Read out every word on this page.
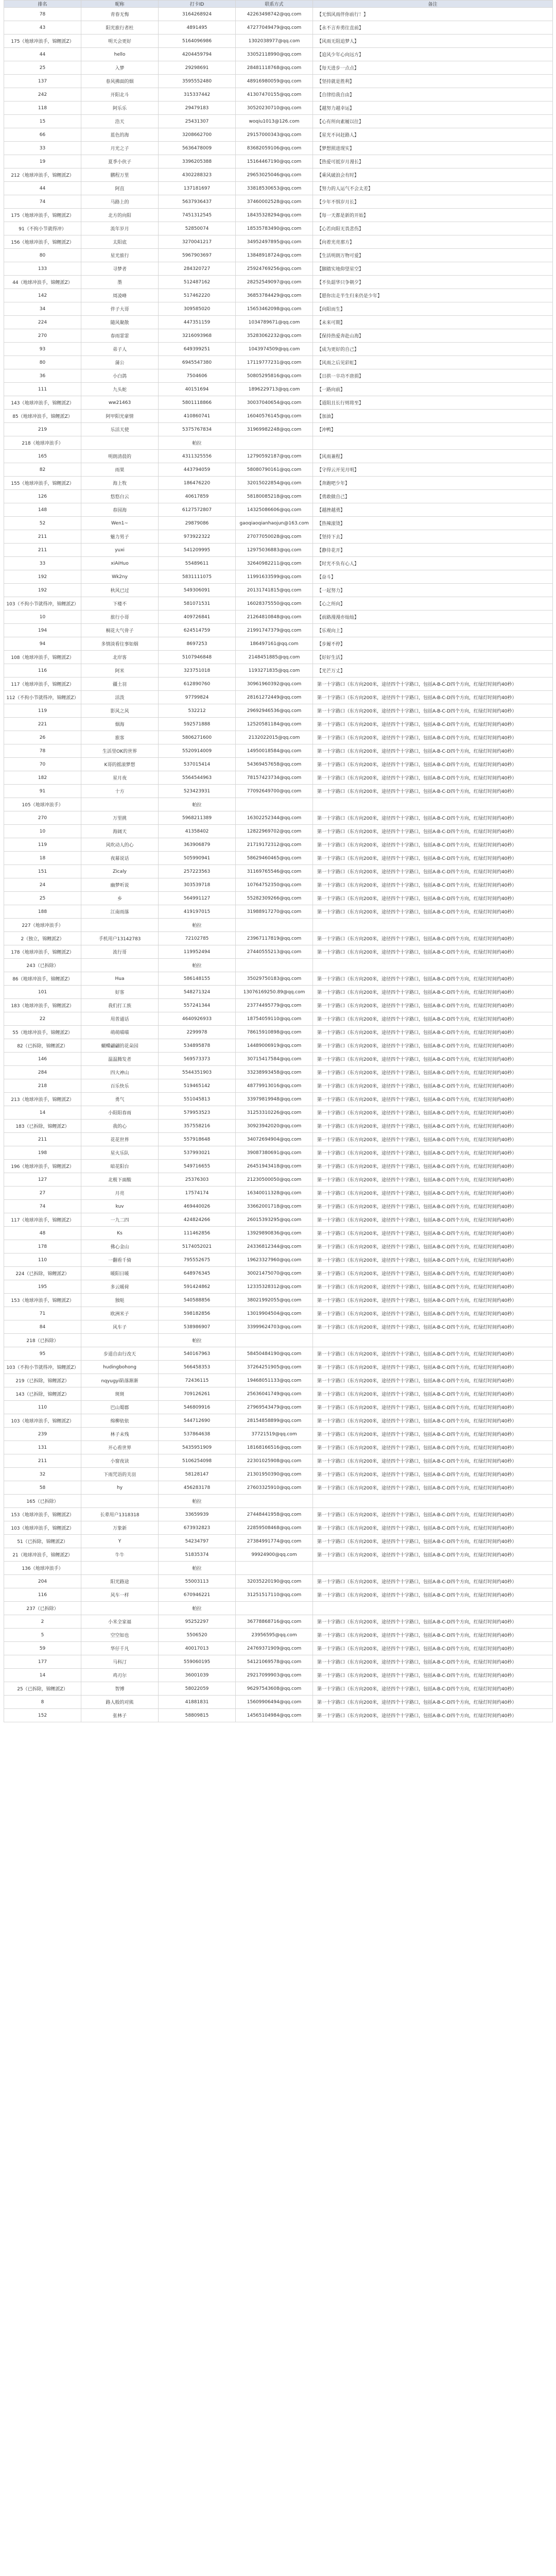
排名	昵称	打卡ID	联系方式	备注
78	青春无悔	3164268924	42263498742@qq.com	【无惧风雨伴你前行！】
43	阳光旅行者杜	4891495	47277049479@qq.com	【永不言弃勇往直前】
175（地球冲浪手，锦鲤派Z）	明天会更好	5164096986	1302038977@qq.com	【风雨无阻追梦人】
44	hello	4204459794	33052118990@qq.com	【追风少年心向远方】
25	入梦	29298691	28481118768@qq.com	【每天进步一点点】
137	春风拂面的烟	3595552480	48916980059@qq.com	【坚持就是胜利】
242	开阳北斗	315337442	41307470155@qq.com	【自律给我自由】
118	阿乐乐	29479183	30520230710@qq.com	【越努力越幸运】
15	浩天	25431307	woqiu1013@126.com	【心有所向素履以往】
66	蓝色的海	3208662700	29157000343@qq.com	【星光不问赶路人】
33	月光之子	5636478009	83682059106@qq.com	【梦想照进现实】
19	夏季小伙子	3396205388	15164467190@qq.com	【热爱可抵岁月漫长】
212（地球冲浪手，锦鲤派Z）	鹏程万里	4302288323	29653025046@qq.com	【乘风破浪会有时】
44	阿直	137181697	33818530653@qq.com	【努力的人运气不会太差】
74	马路上的	5637936437	37460002528@qq.com	【少年不惧岁月长】
175（地球冲浪手，锦鲤派Z）	北方的向阳	7451312545	18435328294@qq.com	【每一天都是新的开始】
91（不拘小节就得冲）	流年岁月	52850074	18535783490@qq.com	【心若向阳无畏悲伤】
156（地球冲浪手，锦鲤派Z）	太阳底	3270041217	34952497895@qq.com	【向着光亮那方】
80	星光旅行	5967903697	13848918724@qq.com	【生活明朗万物可爱】
133	寻梦者	284320727	25924769256@qq.com	【脚踏实地仰望星空】
44（地球冲浪手，锦鲤派Z）	墨	512487162	28252549097@qq.com	【不负韶华只争朝夕】
142	周凌峰	517462220	36853784429@qq.com	【愿你出走半生归来仍是少年】
34	伴子大哥	309585020	15653462098@qq.com	【向阳而生】
224	随风聚散	447351159	1034789671@qq.com	【未来可期】
270	春雨霏霏	3216093968	35283062232@qq.com	【保持热爱奔赴山海】
93	弟子人	649399251	1043974509@qq.com	【成为更好的自己】
80	蒲公	6945547380	17119777231@qq.com	【风雨之后见彩虹】
36	小白鸽	7504606	50805295816@qq.com	【日拱一卒功不唐捐】
111	九头蛇	40151694	1896229713@qq.com	【一路向前】
143（地球冲浪手，锦鲤派Z）	ww21463	5801118866	30037040654@qq.com	【道阻且长行则将至】
85（地球冲浪手，锦鲤派Z）	阿甲阳光豪情	410860741	16040576145@qq.com	【加油】
219	乐活天使	5375767834	31969982248@qq.com	【冲鸭】
218（地球冲浪手）		帕拉		
165	明朗清晨的	4311325556	12790592187@qq.com	【风雨兼程】
82	雨果	443794059	58080790161@qq.com	【守得云开见月明】
155（地球冲浪手，锦鲤派Z）	海上牧	186476220	32015022854@qq.com	【奔跑吧少年】
126	悠悠白云	40617859	58180085218@qq.com	【勇敢做自己】
148	春园海	6127572807	14325086606@qq.com	【越挫越勇】
52	Wen1~	29879086	gaoqiaoqianhaojun@163.com	【热辣滚烫】
211	魅力男子	973922322	27077050028@qq.com	【坚持下去】
211	yuxi	541209995	12975036883@qq.com	【静待花开】
33	xiAiHuo	55489611	32640982211@qq.com	【时光不负有心人】
192	Wk2ny	5831111075	11991633599@qq.com	【奋斗】
192	秋风已过	549306091	20131741815@qq.com	【一起努力】
103（不拘小节就得冲，锦鲤派Z）	下楼不	581071531	16028375550@qq.com	【心之所向】
10	旅行小哥	409726841	21264810848@qq.com	【前路漫漫亦灿灿】
194	桐花大气骨子	624514759	21991747379@qq.com	【乐观向上】
94	多情淡看往事如烟	8697253	186497161@qq.com	【步履不停】
108（地球冲浪手，锦鲤派Z）	北岸客	5107946848	2148451885@qq.com	【好好生活】
116	阿米	323751018	1193271835@qq.com	【光芒万丈】
117（地球冲浪手，锦鲤派Z）	疆土羽	612890760	30961960392@qq.com	第一十字路口（东方向200米，途径四个十字路口，包括A-B-C-D四个方向，红绿灯时间约40秒）
112（不拘小节就得冲，锦鲤派Z）	活泼	97799824	28161272449@qq.com	第一十字路口（东方向200米，途径四个十字路口，包括A-B-C-D四个方向，红绿灯时间约40秒）
119	影风之风	532212	29692946536@qq.com	第一十字路口（东方向200米，途径四个十字路口，包括A-B-C-D四个方向，红绿灯时间约40秒）
221	烟海	592571888	12520581184@qq.com	第一十字路口（东方向200米，途径四个十字路口，包括A-B-C-D四个方向，红绿灯时间约40秒）
26	旅客	5806271600	2132022015@qq.com	第一十字路口（东方向200米，途径四个十字路口，包括A-B-C-D四个方向，红绿灯时间约40秒）
78	生活里OK的世界	5520914009	14950018584@qq.com	第一十字路口（东方向200米，途径四个十字路口，包括A-B-C-D四个方向，红绿灯时间约40秒）
70	K哥的摇滚梦想	537015414	54369457658@qq.com	第一十字路口（东方向200米，途径四个十字路口，包括A-B-C-D四个方向，红绿灯时间约40秒）
182	星月夜	5564544963	78157423734@qq.com	第一十字路口（东方向200米，途径四个十字路口，包括A-B-C-D四个方向，红绿灯时间约40秒）
91	十方	523423931	77092649700@qq.com	第一十字路口（东方向200米，途径四个十字路口，包括A-B-C-D四个方向，红绿灯时间约40秒）
105（地球冲浪手）		帕拉		
270	万里挑	5968211389	16302252344@qq.com	第一十字路口（东方向200米，途径四个十字路口，包括A-B-C-D四个方向，红绿灯时间约40秒）
10	海阔天	41358402	12822969702@qq.com	第一十字路口（东方向200米，途径四个十字路口，包括A-B-C-D四个方向，红绿灯时间约40秒）
119	风吹动人的心	363906879	21719172312@qq.com	第一十字路口（东方向200米，途径四个十字路口，包括A-B-C-D四个方向，红绿灯时间约40秒）
18	夜幕说话	505990941	58629460465@qq.com	第一十字路口（东方向200米，途径四个十字路口，包括A-B-C-D四个方向，红绿灯时间约40秒）
151	Zicaly	257223563	31169765546@qq.com	第一十字路口（东方向200米，途径四个十字路口，包括A-B-C-D四个方向，红绿灯时间约40秒）
24	幽梦听说	303539718	10764752350@qq.com	第一十字路口（东方向200米，途径四个十字路口，包括A-B-C-D四个方向，红绿灯时间约40秒）
25	乡	564991127	55282309266@qq.com	第一十字路口（东方向200米，途径四个十字路口，包括A-B-C-D四个方向，红绿灯时间约40秒）
188	江南雨落	419197015	31988917270@qq.com	第一十字路口（东方向200米，途径四个十字路口，包括A-B-C-D四个方向，红绿灯时间约40秒）
227（地球冲浪手）		帕拉		
2（独立，锦鲤派Z）	手机用户13142783	72102785	23967117819@qq.com	第一十字路口（东方向200米，途径四个十字路口，包括A-B-C-D四个方向，红绿灯时间约40秒）
178（地球冲浪手，锦鲤派Z）	流行哥	119952494	27440555213@qq.com	第一十字路口（东方向200米，途径四个十字路口，包括A-B-C-D四个方向，红绿灯时间约40秒）
243（已拆除）		帕拉		
86（地球冲浪手，锦鲤派Z）	Hua	586148155	35029750183@qq.com	第一十字路口（东方向200米，途径四个十字路口，包括A-B-C-D四个方向，红绿灯时间约40秒）
101	好客	548271324	13076169250.89@qq.com	第一十字路口（东方向200米，途径四个十字路口，包括A-B-C-D四个方向，红绿灯时间约40秒）
183（地球冲浪手，锦鲤派Z）	我们打工族	557241344	23774495779@qq.com	第一十字路口（东方向200米，途径四个十字路口，包括A-B-C-D四个方向，红绿灯时间约40秒）
22	用普通话	4640926933	18754059110@qq.com	第一十字路口（东方向200米，途径四个十字路口，包括A-B-C-D四个方向，红绿灯时间约40秒）
55（地球冲浪手，锦鲤派Z）	萌萌喵喵	2299978	78615910898@qq.com	第一十字路口（东方向200米，途径四个十字路口，包括A-B-C-D四个方向，红绿灯时间约40秒）
82（已拆除，锦鲤派Z）	蝴蝶翩翩的花朵园	534895878	14489006919@qq.com	第一十字路口（东方向200米，途径四个十字路口，包括A-B-C-D四个方向，红绿灯时间约40秒）
146	温温腾发者	569573373	30715417584@qq.com	第一十字路口（东方向200米，途径四个十字路口，包括A-B-C-D四个方向，红绿灯时间约40秒）
284	四大神山	5544351903	33238993458@qq.com	第一十字路口（东方向200米，途径四个十字路口，包括A-B-C-D四个方向，红绿灯时间约40秒）
218	百乐快乐	519465142	48779913016@qq.com	第一十字路口（东方向200米，途径四个十字路口，包括A-B-C-D四个方向，红绿灯时间约40秒）
213（地球冲浪手，锦鲤派Z）	勇气	551045813	33979819948@qq.com	第一十字路口（东方向200米，途径四个十字路口，包括A-B-C-D四个方向，红绿灯时间约40秒）
14	小阳阳春雨	579953523	31253310226@qq.com	第一十字路口（东方向200米，途径四个十字路口，包括A-B-C-D四个方向，红绿灯时间约40秒）
183（已拆除，锦鲤派Z）	我的心	357558216	30923942020@qq.com	第一十字路口（东方向200米，途径四个十字路口，包括A-B-C-D四个方向，红绿灯时间约40秒）
211	花花世界	557918648	34072694904@qq.com	第一十字路口（东方向200米，途径四个十字路口，包括A-B-C-D四个方向，红绿灯时间约40秒）
198	星火乐队	537993021	39087380691@qq.com	第一十字路口（东方向200米，途径四个十字路口，包括A-B-C-D四个方向，红绿灯时间约40秒）
196（地球冲浪手，锦鲤派Z）	暗花阳台	549716655	26451943418@qq.com	第一十字路口（东方向200米，途径四个十字路口，包括A-B-C-D四个方向，红绿灯时间约40秒）
127	北极下面酸	25376303	21230500050@qq.com	第一十字路口（东方向200米，途径四个十字路口，包括A-B-C-D四个方向，红绿灯时间约40秒）
27	月亮	17574174	16340011328@qq.com	第一十字路口（东方向200米，途径四个十字路口，包括A-B-C-D四个方向，红绿灯时间约40秒）
74	kuv	469440026	33662001718@qq.com	第一十字路口（东方向200米，途径四个十字路口，包括A-B-C-D四个方向，红绿灯时间约40秒）
117（地球冲浪手，锦鲤派Z）	一九二四	424824266	26015393295@qq.com	第一十字路口（东方向200米，途径四个十字路口，包括A-B-C-D四个方向，红绿灯时间约40秒）
48	Ks	111462856	13929890836@qq.com	第一十字路口（东方向200米，途径四个十字路口，包括A-B-C-D四个方向，红绿灯时间约40秒）
178	佛心金山	5174052021	24336812344@qq.com	第一十字路口（东方向200米，途径四个十字路口，包括A-B-C-D四个方向，红绿灯时间约40秒）
110	一翻看千骑	795552675	19623327960@qq.com	第一十字路口（东方向200米，途径四个十字路口，包括A-B-C-D四个方向，红绿灯时间约40秒）
224（已拆除，锦鲤派Z）	暖阳日暖	648976345	30021475070@qq.com	第一十字路口（东方向200米，途径四个十字路口，包括A-B-C-D四个方向，红绿灯时间约40秒）
195	多云暖荷	591424862	12335328312@qq.com	第一十字路口（东方向200米，途径四个十字路口，包括A-B-C-D四个方向，红绿灯时间约40秒）
153（地球冲浪手，锦鲤派Z）	独哒	540588856	38021992055@qq.com	第一十字路口（东方向200米，途径四个十字路口，包括A-B-C-D四个方向，红绿灯时间约40秒）
71	欧洲米子	598182856	13019904504@qq.com	第一十字路口（东方向200米，途径四个十字路口，包括A-B-C-D四个方向，红绿灯时间约40秒）
84	风车子	538986907	33999624703@qq.com	第一十字路口（东方向200米，途径四个十字路口，包括A-B-C-D四个方向，红绿灯时间约40秒）
218（已拆除）		帕拉		
95	步道自由行改天	540167963	58450484190@qq.com	第一十字路口（东方向200米，途径四个十字路口，包括A-B-C-D四个方向，红绿灯时间约40秒）
103（不拘小节就得冲，锦鲤派Z）	hudingbohong	566458353	37264251905@qq.com	第一十字路口（东方向200米，途径四个十字路口，包括A-B-C-D四个方向，红绿灯时间约40秒）
219（已拆除，锦鲤派Z）	nqyugyi陷落渐渐	72436115	19468051133@qq.com	第一十字路口（东方向200米，途径四个十字路口，包括A-B-C-D四个方向，红绿灯时间约40秒）
143（已拆除，锦鲤派Z）	斑斑	709126261	25636041749@qq.com	第一十字路口（东方向200米，途径四个十字路口，包括A-B-C-D四个方向，红绿灯时间约40秒）
110	巴山蜀郡	546809916	27969543479@qq.com	第一十字路口（东方向200米，途径四个十字路口，包括A-B-C-D四个方向，红绿灯时间约40秒）
103（地球冲浪手，锦鲤派Z）	绵柳依依	544712690	28154858899@qq.com	第一十字路口（东方向200米，途径四个十字路口，包括A-B-C-D四个方向，红绿灯时间约40秒）
239	林子未残	537864638	37721519@qq.com	第一十字路口（东方向200米，途径四个十字路口，包括A-B-C-D四个方向，红绿灯时间约40秒）
131	开心看世界	5435951909	18168166516@qq.com	第一十字路口（东方向200米，途径四个十字路口，包括A-B-C-D四个方向，红绿灯时间约40秒）
211	小窗夜读	5106254098	22301025908@qq.com	第一十字路口（东方向200米，途径四个十字路口，包括A-B-C-D四个方向，红绿灯时间约40秒）
32	下雨咒语的关羽	58128147	21301950390@qq.com	第一十字路口（东方向200米，途径四个十字路口，包括A-B-C-D四个方向，红绿灯时间约40秒）
58	hy	456283178	27603325910@qq.com	第一十字路口（东方向200米，途径四个十字路口，包括A-B-C-D四个方向，红绿灯时间约40秒）
165（已拆除）		帕拉		
153（地球冲浪手，锦鲤派Z）	长辈用户1318318	33659939	27448441958@qq.com	第一十字路口（东方向200米，途径四个十字路口，包括A-B-C-D四个方向，红绿灯时间约40秒）
103（地球冲浪手，锦鲤派Z）	万象新	673932823	22859508468@qq.com	第一十字路口（东方向200米，途径四个十字路口，包括A-B-C-D四个方向，红绿灯时间约40秒）
51（已拆除，锦鲤派Z）	Y	54234797	27384991774@qq.com	第一十字路口（东方向200米，途径四个十字路口，包括A-B-C-D四个方向，红绿灯时间约40秒）
21（地球冲浪手，锦鲤派Z）	牛牛	51835374	99924900@qq.com	第一十字路口（东方向200米，途径四个十字路口，包括A-B-C-D四个方向，红绿灯时间约40秒）
136（地球冲浪手）		帕拉		
204	阳光路途	55003113	32035220190@qq.com	第一十字路口（东方向200米，途径四个十字路口，包括A-B-C-D四个方向，红绿灯时间约40秒）
116	风车一样	670946221	31251517110@qq.com	第一十字路口（东方向200米，途径四个十字路口，包括A-B-C-D四个方向，红绿灯时间约40秒）
237（已拆除）		帕拉		
2	小米全家福	95252297	36778868716@qq.com	第一十字路口（东方向200米，途径四个十字路口，包括A-B-C-D四个方向，红绿灯时间约40秒）
5	空空如也	5506520	23956595@qq.com	第一十字路口（东方向200米，途径四个十字路口，包括A-B-C-D四个方向，红绿灯时间约40秒）
59	华仔千凡	40017013	24769371909@qq.com	第一十字路口（东方向200米，途径四个十字路口，包括A-B-C-D四个方向，红绿灯时间约40秒）
177	马科汀	559060195	54121069578@qq.com	第一十字路口（东方向200米，途径四个十字路口，包括A-B-C-D四个方向，红绿灯时间约40秒）
14	鸡刃尔	36001039	29217099903@qq.com	第一十字路口（东方向200米，途径四个十字路口，包括A-B-C-D四个方向，红绿灯时间约40秒）
25（已拆除，锦鲤派Z）	智博	58022059	96297543608@qq.com	第一十字路口（东方向200米，途径四个十字路口，包括A-B-C-D四个方向，红绿灯时间约40秒）
8	路人般的对熊	41881831	15609906494@qq.com	第一十字路口（东方向200米，途径四个十字路口，包括A-B-C-D四个方向，红绿灯时间约40秒）
152	张林子	58809815	14565104984@qq.com	第一十字路口（东方向200米，途径四个十字路口，包括A-B-C-D四个方向，红绿灯时间约40秒）
